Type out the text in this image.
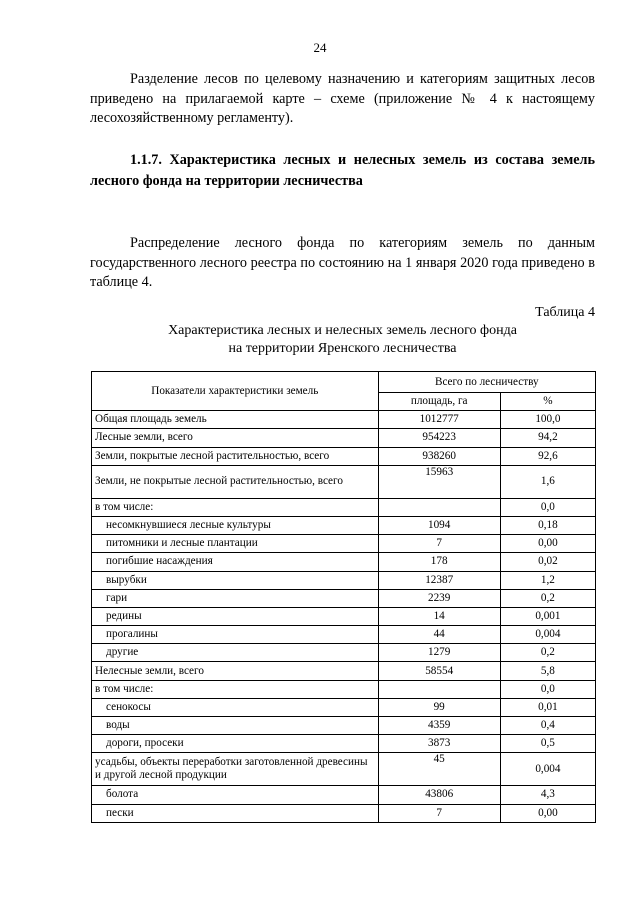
24
Разделение лесов по целевому назначению и категориям защитных лесов приведено на прилагаемой карте – схеме (приложение № 4 к настоящему лесохозяйственному регламенту).
1.1.7. Характеристика лесных и нелесных земель из состава земель лесного фонда на территории лесничества
Распределение лесного фонда по категориям земель по данным государственного лесного реестра по состоянию на 1 января 2020 года приведено в таблице 4.
Таблица 4
Характеристика лесных и нелесных земель лесного фонда
на территории Яренского лесничества
Показатели характеристики земель	Всего по лесничеству	
	площадь, га	%
Общая площадь земель	1012777	100,0
Лесные земли, всего	954223	94,2
Земли, покрытые лесной растительностью, всего	938260	92,6
Земли, не покрытые лесной растительностью, всего	15963	1,6
в том числе:		0,0
несомкнувшиеся лесные культуры	1094	0,18
питомники и лесные плантации	7	0,00
погибшие насаждения	178	0,02
вырубки	12387	1,2
гари	2239	0,2
редины	14	0,001
прогалины	44	0,004
другие	1279	0,2
Нелесные земли, всего	58554	5,8
в том числе:		0,0
сенокосы	99	0,01
воды	4359	0,4
дороги, просеки	3873	0,5
усадьбы, объекты переработки заготовленной древесины и другой лесной продукции	45	0,004
болота	43806	4,3
пески	7	0,00
